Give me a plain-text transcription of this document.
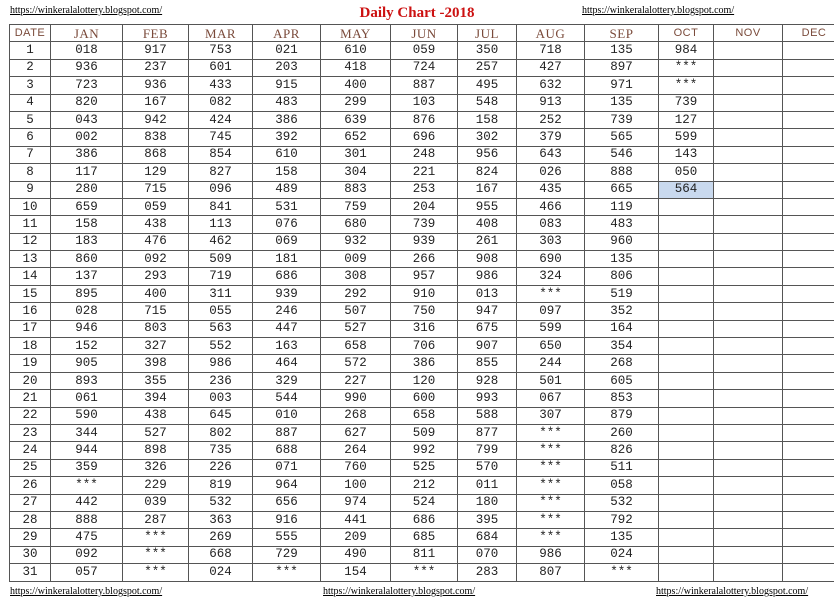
https://winkeralalottery.blogspot.com/	Daily Chart -2018	https://winkeralalottery.blogspot.com/
DATE	JAN	FEB	MAR	APR	MAY	JUN	JUL	AUG	SEP	OCT	NOV	DEC
1	018	917	753	021	610	059	350	718	135	984		
2	936	237	601	203	418	724	257	427	897	***		
3	723	936	433	915	400	887	495	632	971	***		
4	820	167	082	483	299	103	548	913	135	739		
5	043	942	424	386	639	876	158	252	739	127		
6	002	838	745	392	652	696	302	379	565	599		
7	386	868	854	610	301	248	956	643	546	143		
8	117	129	827	158	304	221	824	026	888	050		
9	280	715	096	489	883	253	167	435	665	564		
10	659	059	841	531	759	204	955	466	119			
11	158	438	113	076	680	739	408	083	483			
12	183	476	462	069	932	939	261	303	960			
13	860	092	509	181	009	266	908	690	135			
14	137	293	719	686	308	957	986	324	806			
15	895	400	311	939	292	910	013	***	519			
16	028	715	055	246	507	750	947	097	352			
17	946	803	563	447	527	316	675	599	164			
18	152	327	552	163	658	706	907	650	354			
19	905	398	986	464	572	386	855	244	268			
20	893	355	236	329	227	120	928	501	605			
21	061	394	003	544	990	600	993	067	853			
22	590	438	645	010	268	658	588	307	879			
23	344	527	802	887	627	509	877	***	260			
24	944	898	735	688	264	992	799	***	826			
25	359	326	226	071	760	525	570	***	511			
26	***	229	819	964	100	212	011	***	058			
27	442	039	532	656	974	524	180	***	532			
28	888	287	363	916	441	686	395	***	792			
29	475	***	269	555	209	685	684	***	135			
30	092	***	668	729	490	811	070	986	024			
31	057	***	024	***	154	***	283	807	***			
https://winkeralalottery.blogspot.com/	https://winkeralalottery.blogspot.com/	https://winkeralalottery.blogspot.com/
